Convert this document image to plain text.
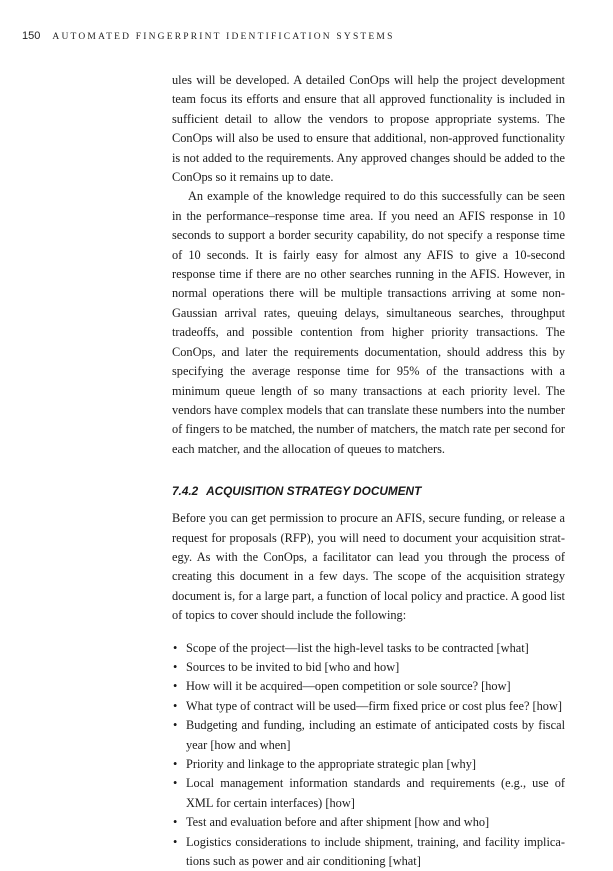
150 AUTOMATED FINGERPRINT IDENTIFICATION SYSTEMS

ules will be developed. A detailed ConOps will help the project development team focus its efforts and ensure that all approved functionality is included in sufficient detail to allow the vendors to propose appropriate systems. The ConOps will also be used to ensure that additional, non-approved functionality is not added to the requirements. Any approved changes should be added to the ConOps so it remains up to date.

An example of the knowledge required to do this successfully can be seen in the performance–response time area. If you need an AFIS response in 10 seconds to support a border security capability, do not specify a response time of 10 seconds. It is fairly easy for almost any AFIS to give a 10-second response time if there are no other searches running in the AFIS. However, in normal operations there will be multiple transactions arriving at some non-Gaussian arrival rates, queuing delays, simultaneous searches, throughput tradeoffs, and possible contention from higher priority transactions. The ConOps, and later the requirements documentation, should address this by specifying the average response time for 95% of the transactions with a minimum queue length of so many transactions at each priority level. The vendors have complex models that can translate these numbers into the number of fingers to be matched, the number of matchers, the match rate per second for each matcher, and the allocation of queues to matchers.

7.4.2 ACQUISITION STRATEGY DOCUMENT

Before you can get permission to procure an AFIS, secure funding, or release a request for proposals (RFP), you will need to document your acquisition strategy. As with the ConOps, a facilitator can lead you through the process of creating this document in a few days. The scope of the acquisition strategy document is, for a large part, a function of local policy and practice. A good list of topics to cover should include the following:

• Scope of the project—list the high-level tasks to be contracted [what]
• Sources to be invited to bid [who and how]
• How will it be acquired—open competition or sole source? [how]
• What type of contract will be used—firm fixed price or cost plus fee? [how]
• Budgeting and funding, including an estimate of anticipated costs by fiscal year [how and when]
• Priority and linkage to the appropriate strategic plan [why]
• Local management information standards and requirements (e.g., use of XML for certain interfaces) [how]
• Test and evaluation before and after shipment [how and who]
• Logistics considerations to include shipment, training, and facility implications such as power and air conditioning [what]
